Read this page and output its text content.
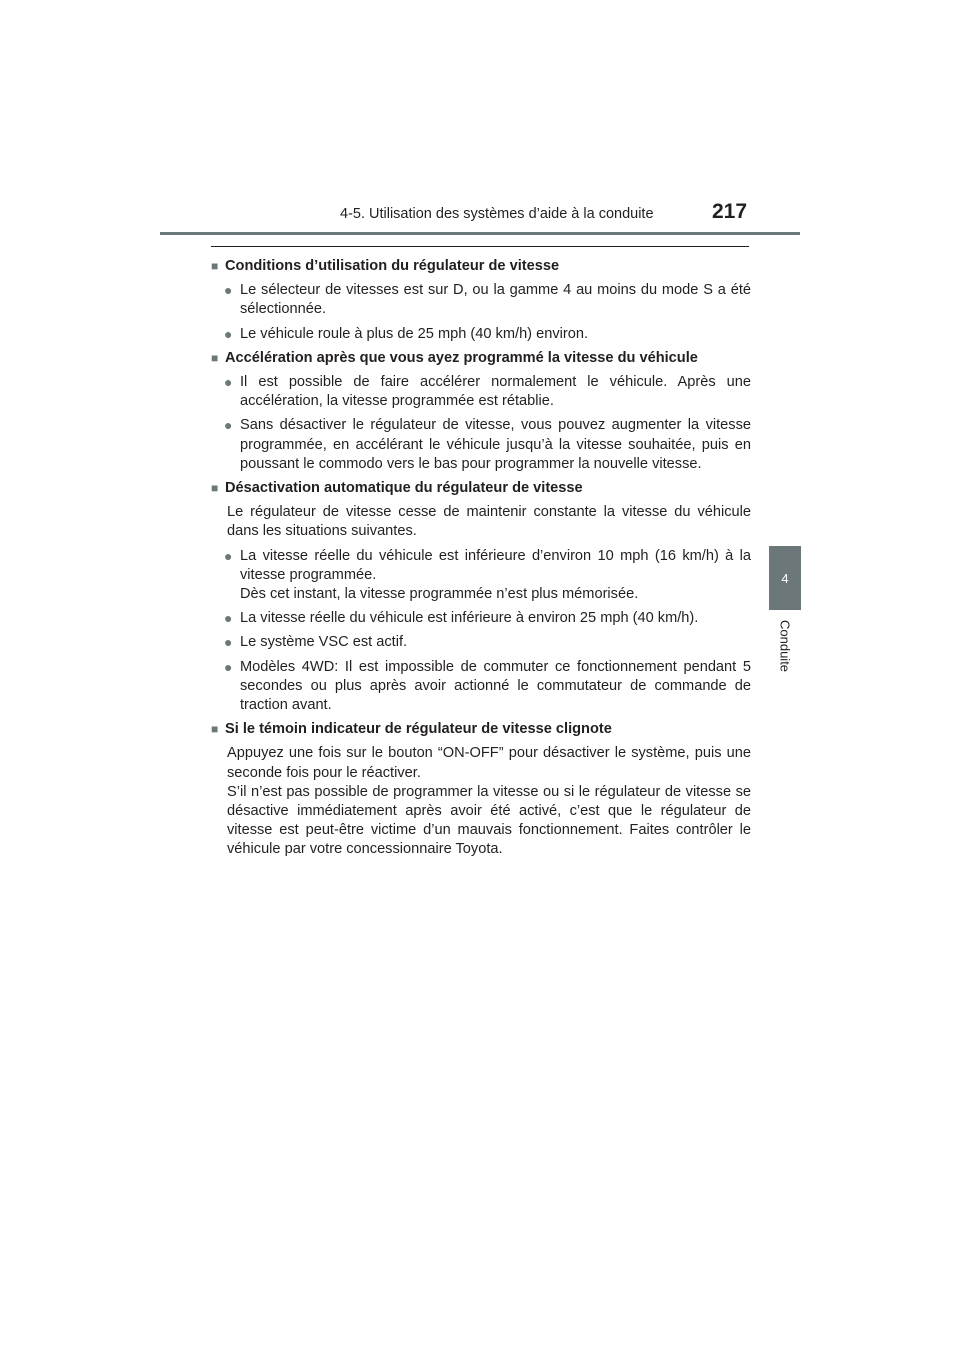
4-5. Utilisation des systèmes d’aide à la conduite	217
4
Conduite
■ Conditions d’utilisation du régulateur de vitesse
● Le sélecteur de vitesses est sur D, ou la gamme 4 au moins du mode S a été sélectionnée.
● Le véhicule roule à plus de 25 mph (40 km/h) environ.
■ Accélération après que vous ayez programmé la vitesse du véhicule
● Il est possible de faire accélérer normalement le véhicule. Après une accélération, la vitesse programmée est rétablie.
● Sans désactiver le régulateur de vitesse, vous pouvez augmenter la vitesse programmée, en accélérant le véhicule jusqu’à la vitesse souhaitée, puis en poussant le commodo vers le bas pour programmer la nouvelle vitesse.
■ Désactivation automatique du régulateur de vitesse
Le régulateur de vitesse cesse de maintenir constante la vitesse du véhicule dans les situations suivantes.
● La vitesse réelle du véhicule est inférieure d’environ 10 mph (16 km/h) à la vitesse programmée.
Dès cet instant, la vitesse programmée n’est plus mémorisée.
● La vitesse réelle du véhicule est inférieure à environ 25 mph (40 km/h).
● Le système VSC est actif.
● Modèles 4WD: Il est impossible de commuter ce fonctionnement pendant 5 secondes ou plus après avoir actionné le commutateur de commande de traction avant.
■ Si le témoin indicateur de régulateur de vitesse clignote
Appuyez une fois sur le bouton “ON-OFF” pour désactiver le système, puis une seconde fois pour le réactiver.
S’il n’est pas possible de programmer la vitesse ou si le régulateur de vitesse se désactive immédiatement après avoir été activé, c’est que le régulateur de vitesse est peut-être victime d’un mauvais fonctionnement. Faites contrôler le véhicule par votre concessionnaire Toyota.
